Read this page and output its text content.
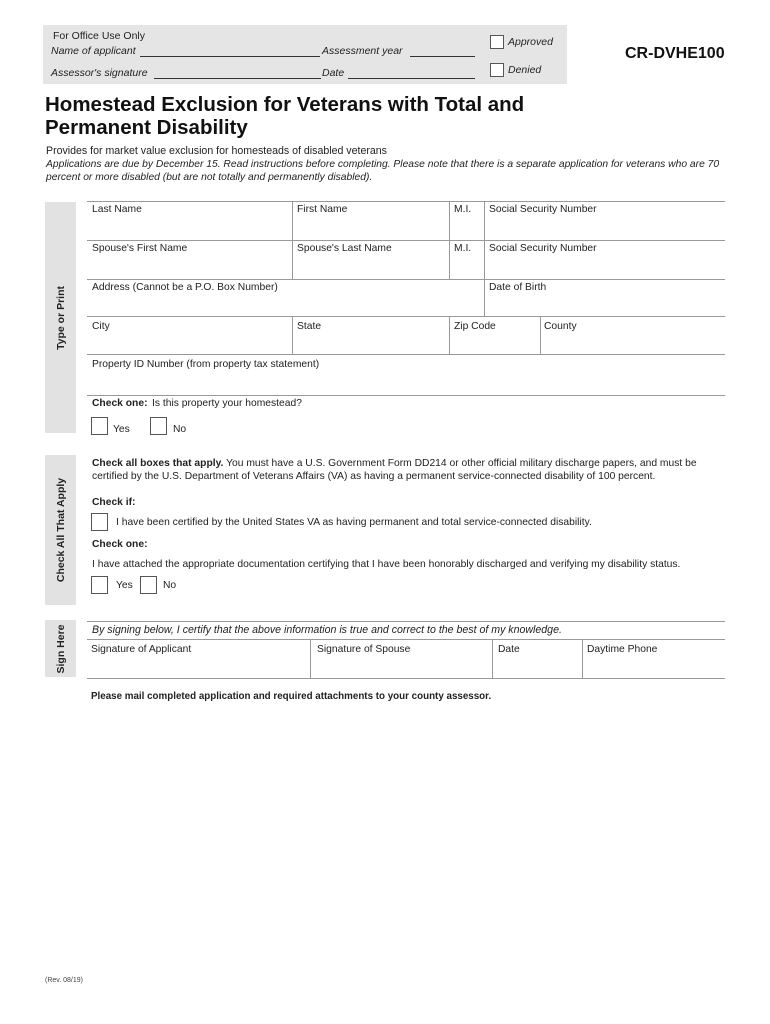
For Office Use Only
Name of applicant	Assessment year
Assessor's signature	Date
Approved
Denied
CR-DVHE100
Homestead Exclusion for Veterans with Total and Permanent Disability
Provides for market value exclusion for homesteads of disabled veterans
Applications are due by December 15. Read instructions before completing. Please note that there is a separate application for veterans who are 70 percent or more disabled (but are not totally and permanently disabled).
Type or Print
Check All That Apply
Sign Here
Last Name	First Name	M.I. Social Security Number
Spouse's First Name	Spouse's Last Name	M.I. Social Security Number
Address (Cannot be a P.O. Box Number)	Date of Birth
City	State	Zip Code	County
Property ID Number (from property tax statement)
Check one: Is this property your homestead?
Yes	No
Check all boxes that apply. You must have a U.S. Government Form DD214 or other official military discharge papers, and must be certified by the U.S. Department of Veterans Affairs (VA) as having a permanent service-connected disability of 100 percent.
Check if:
I have been certified by the United States VA as having permanent and total service-connected disability.
Check one:
I have attached the appropriate documentation certifying that I have been honorably discharged and verifying my disability status.
Yes	No
By signing below, I certify that the above information is true and correct to the best of my knowledge.
Signature of Applicant	Signature of Spouse	Date	Daytime Phone
Please mail completed application and required attachments to your county assessor.
(Rev. 08/19)
